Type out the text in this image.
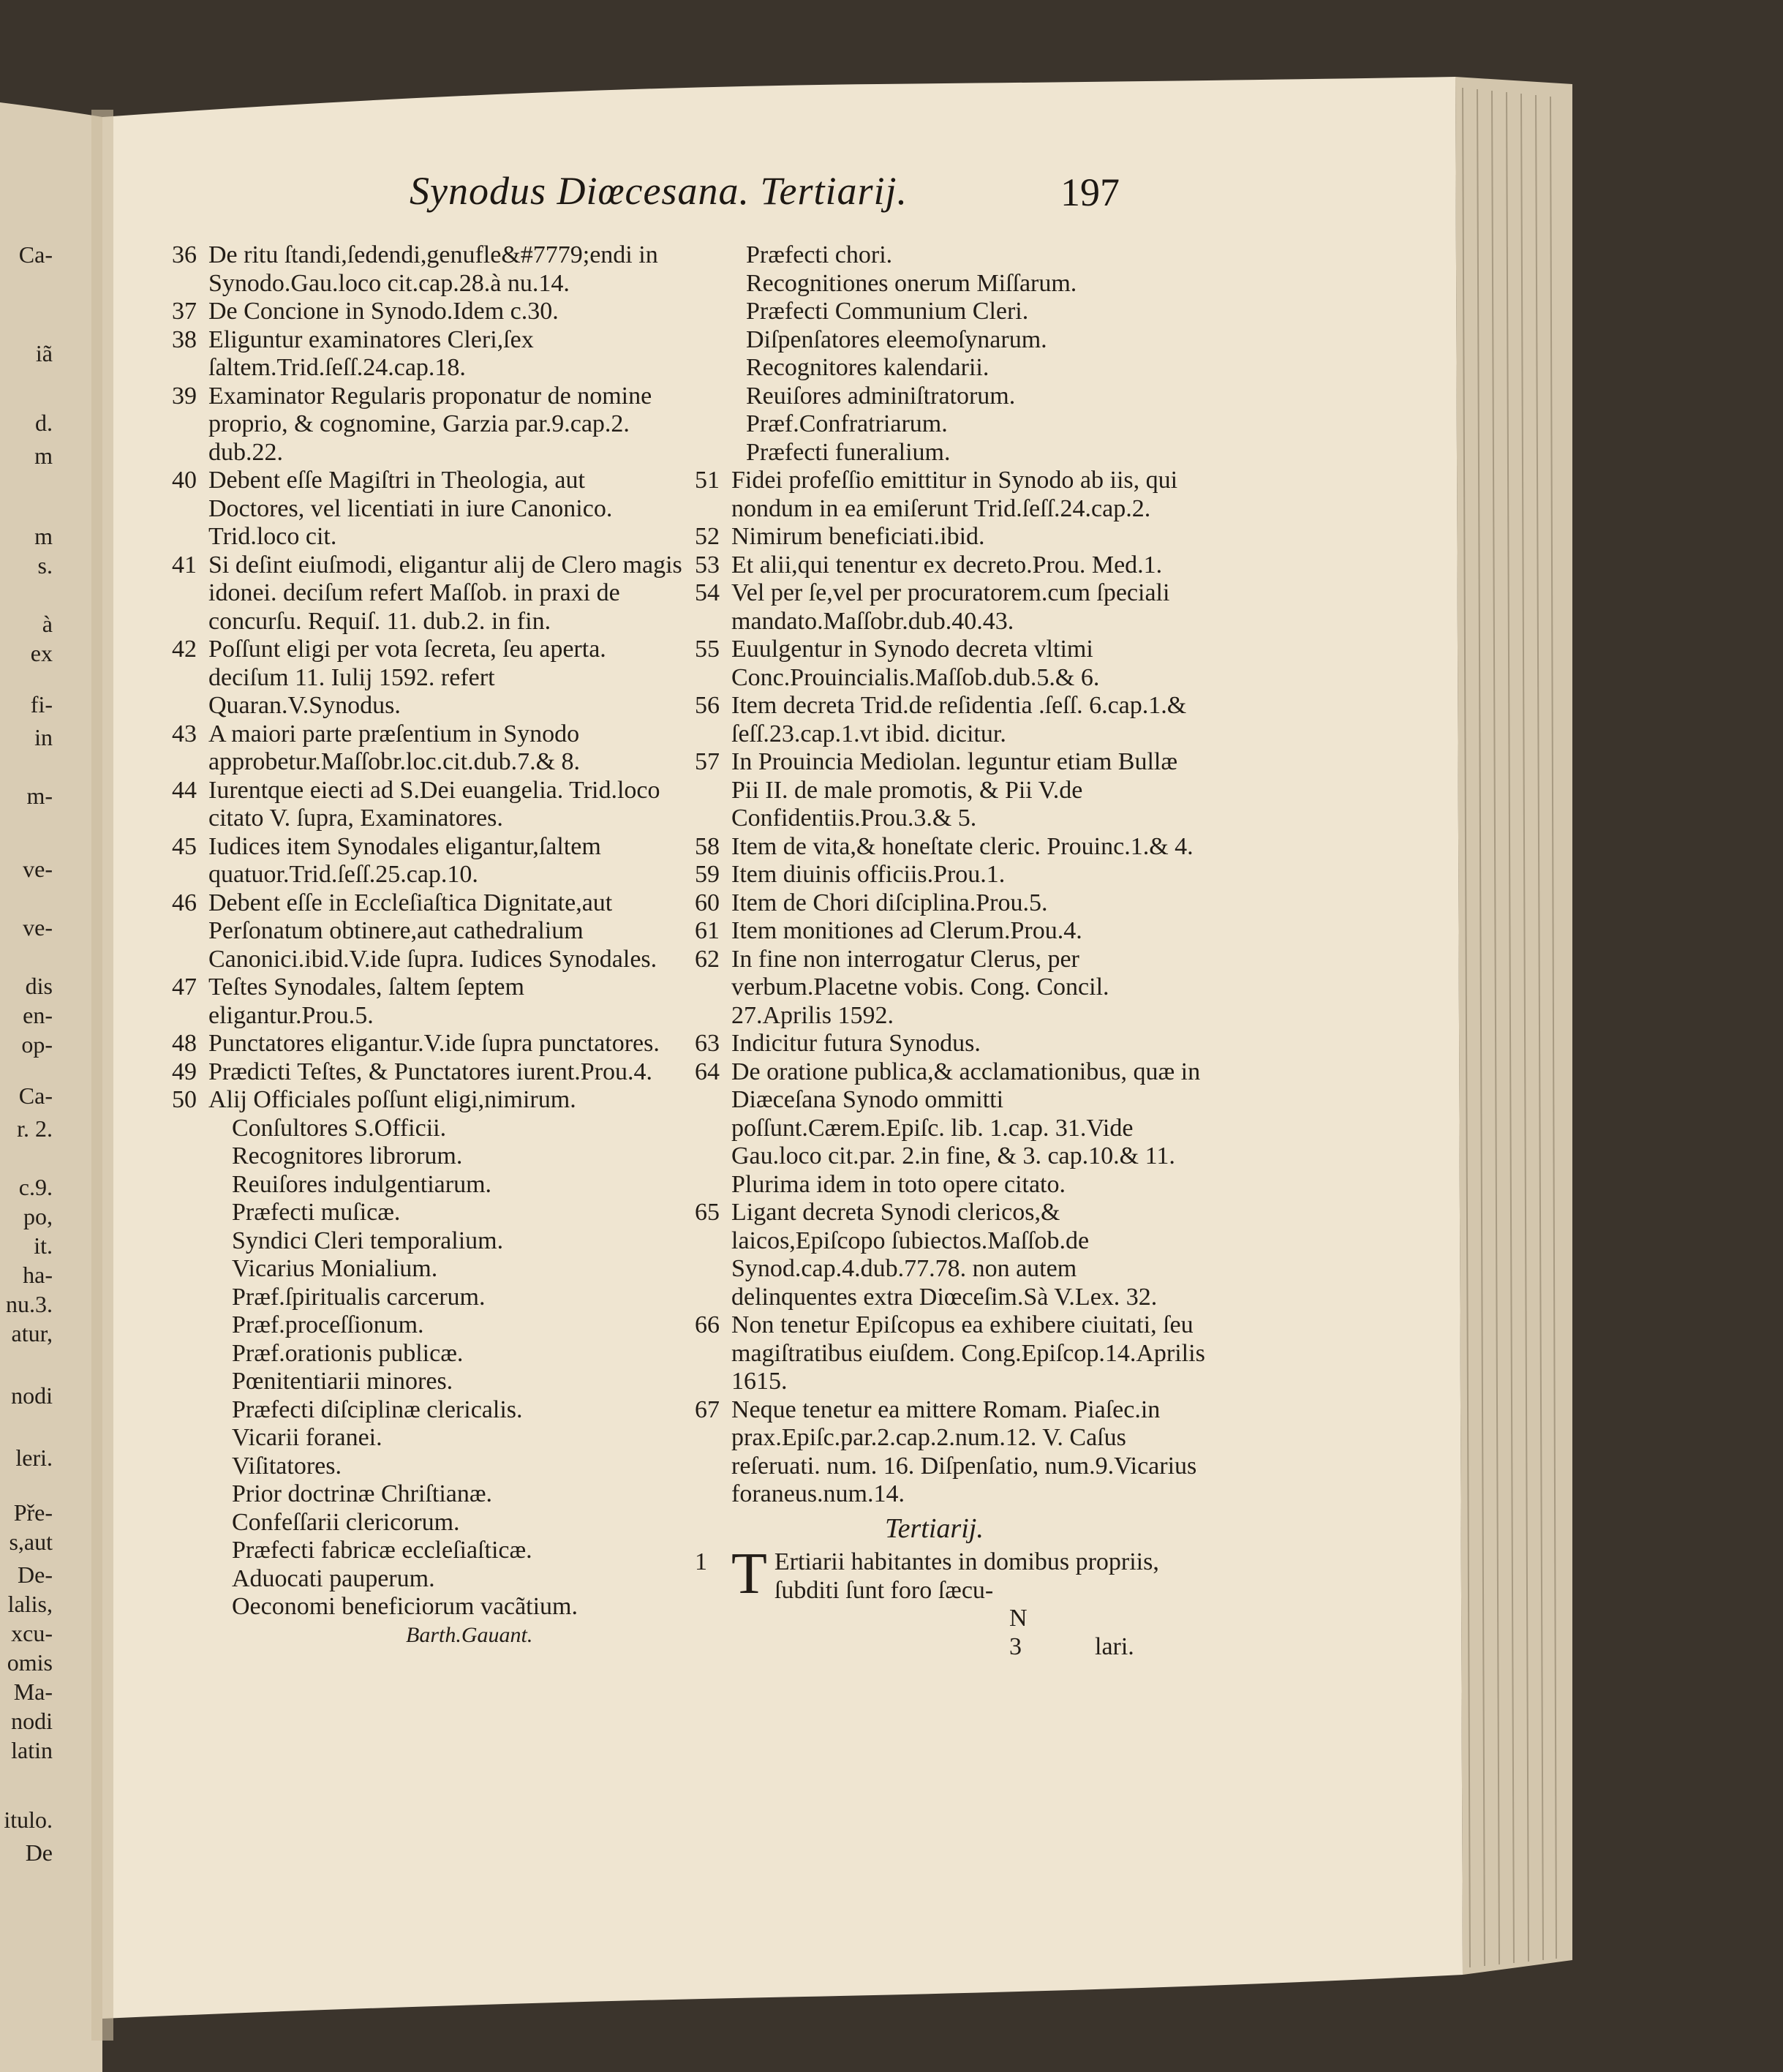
Ca-
iã
d.
m
m
s.
à
ex
fi-
in
m-
ve-
ve-
dis
en-
op-
Ca-
r. 2.
c.9.
po,
it.
ha-
nu.3.
atur,
nodi
leri.
Pře-
s,aut
De-
lalis,
xcu-
omis
Ma-
nodi
latin
itulo.
De
Synodus Diœcesana. Tertiarij.	197
36 De ritu ſtandi,ſedendi,genufle&#7779;endi in Synodo.Gau.loco cit.cap.28.à nu.14.
37 De Concione in Synodo.Idem c.30.
38 Eliguntur examinatores Cleri,ſex ſaltem.Trid.ſeſſ.24.cap.18.
39 Examinator Regularis proponatur de nomine proprio, & cognomine, Garzia par.9.cap.2. dub.22.
40 Debent eſſe Magiſtri in Theologia, aut Doctores, vel licentiati in iure Canonico. Trid.loco cit.
41 Si deſint eiuſmodi, eligantur alij de Clero magis idonei. deciſum refert Maſſob. in praxi de concurſu. Requiſ. 11. dub.2. in fin.
42 Poſſunt eligi per vota ſecreta, ſeu aperta. deciſum 11. Iulij 1592. refert Quaran.V.Synodus.
43 A maiori parte præſentium in Synodo approbetur.Maſſobr.loc.cit.dub.7.& 8.
44 Iurentque eiecti ad S.Dei euangelia. Trid.loco citato V. ſupra, Examinatores.
45 Iudices item Synodales eligantur,ſaltem quatuor.Trid.ſeſſ.25.cap.10.
46 Debent eſſe in Eccleſiaſtica Dignitate,aut Perſonatum obtinere,aut cathedralium Canonici.ibid.V.ide ſupra. Iudices Synodales.
47 Teſtes Synodales, ſaltem ſeptem eligantur.Prou.5.
48 Punctatores eligantur.V.ide ſupra punctatores.
49 Prædicti Teſtes, & Punctatores iurent.Prou.4.
50 Alij Officiales poſſunt eligi,nimirum.
Conſultores S.Officii.
Recognitores librorum.
Reuiſores indulgentiarum.
Præfecti muſicæ.
Syndici Cleri temporalium.
Vicarius Monialium.
Præf.ſpiritualis carcerum.
Præf.proceſſionum.
Præf.orationis publicæ.
Pœnitentiarii minores.
Præfecti diſciplinæ clericalis.
Vicarii foranei.
Viſitatores.
Prior doctrinæ Chriſtianæ.
Confeſſarii clericorum.
Præfecti fabricæ eccleſiaſticæ.
Aduocati pauperum.
Oeconomi beneficiorum vacãtium.
Barth.Gauant.
Præfecti chori.
Recognitiones onerum Miſſarum.
Præfecti Communium Cleri.
Diſpenſatores eleemoſynarum.
Recognitores kalendarii.
Reuiſores adminiſtratorum.
Præf.Confratriarum.
Præfecti funeralium.
51 Fidei profeſſio emittitur in Synodo ab iis, qui nondum in ea emiſerunt Trid.ſeſſ.24.cap.2.
52 Nimirum beneficiati.ibid.
53 Et alii,qui tenentur ex decreto.Prou. Med.1.
54 Vel per ſe,vel per procuratorem.cum ſpeciali mandato.Maſſobr.dub.40.43.
55 Euulgentur in Synodo decreta vltimi Conc.Prouincialis.Maſſob.dub.5.& 6.
56 Item decreta Trid.de reſidentia .ſeſſ. 6.cap.1.& ſeſſ.23.cap.1.vt ibid. dicitur.
57 In Prouincia Mediolan. leguntur etiam Bullæ Pii II. de male promotis, & Pii V.de Confidentiis.Prou.3.& 5.
58 Item de vita,& honeſtate cleric. Prouinc.1.& 4.
59 Item diuinis officiis.Prou.1.
60 Item de Chori diſciplina.Prou.5.
61 Item monitiones ad Clerum.Prou.4.
62 In fine non interrogatur Clerus, per verbum.Placetne vobis. Cong. Concil. 27.Aprilis 1592.
63 Indicitur futura Synodus.
64 De oratione publica,& acclamationibus, quæ in Diæceſana Synodo ommitti poſſunt.Cærem.Epiſc. lib. 1.cap. 31.Vide Gau.loco cit.par. 2.in fine, & 3. cap.10.& 11.
Plurima idem in toto opere citato.
65 Ligant decreta Synodi clericos,& laicos,Epiſcopo ſubiectos.Maſſob.de Synod.cap.4.dub.77.78. non autem delinquentes extra Diœceſim.Sà V.Lex. 32.
66 Non tenetur Epiſcopus ea exhibere ciuitati, ſeu magiſtratibus eiuſdem. Cong.Epiſcop.14.Aprilis 1615.
67 Neque tenetur ea mittere Romam. Piaſec.in prax.Epiſc.par.2.cap.2.num.12. V. Caſus reſeruati. num. 16. Diſpenſatio, num.9.Vicarius foraneus.num.14.
Tertiarij.
1 T Ertiarii habitantes in domibus propriis, ſubditi ſunt foro ſæcu-
N 3 lari.
